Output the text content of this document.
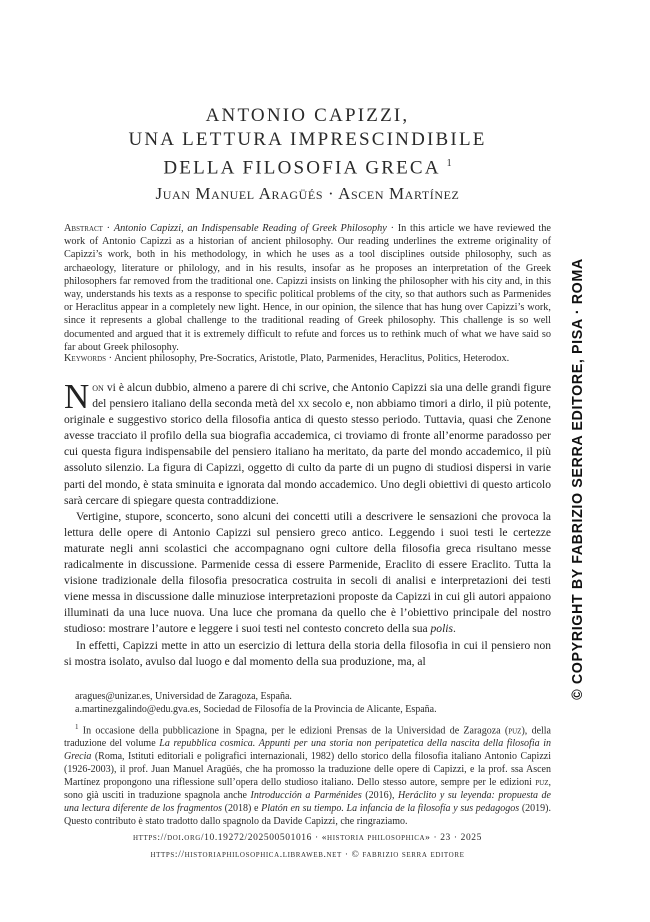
ANTONIO CAPIZZI,
UNA LETTURA IMPRESCINDIBILE
DELLA FILOSOFIA GRECA $^1$
Juan Manuel Aragüés · Ascen Martínez
Abstract · Antonio Capizzi, an Indispensable Reading of Greek Philosophy · In this article we have reviewed the work of Antonio Capizzi as a historian of ancient philosophy. Our reading underlines the extreme originality of Capizzi’s work, both in his methodology, in which he uses as a tool disciplines outside philosophy, such as archaeology, literature or philology, and in his results, insofar as he proposes an interpretation of the Greek philosophers far removed from the traditional one. Capizzi insists on linking the philosopher with his city and, in this way, understands his texts as a response to specific political problems of the city, so that authors such as Parmenides or Heraclitus appear in a completely new light. Hence, in our opinion, the silence that has hung over Capizzi’s work, since it represents a global challenge to the traditional reading of Greek philosophy. This challenge is so well documented and argued that it is extremely difficult to refute and forces us to rethink much of what we have said so far about Greek philosophy.
Keywords · Ancient philosophy, Pre-Socratics, Aristotle, Plato, Parmenides, Heraclitus, Politics, Heterodox.

Non vi è alcun dubbio, almeno a parere di chi scrive, che Antonio Capizzi sia una delle grandi figure del pensiero italiano della seconda metà del xx secolo e, non abbiamo timori a dirlo, il più potente, originale e suggestivo storico della filosofia antica di questo stesso periodo. Tuttavia, quasi che Zenone avesse tracciato il profilo della sua biografia accademica, ci troviamo di fronte all’enorme paradosso per cui questa figura indispensabile del pensiero italiano ha meritato, da parte del mondo accademico, il più assoluto silenzio. La figura di Capizzi, oggetto di culto da parte di un pugno di studiosi dispersi in varie parti del mondo, è stata sminuita e ignorata dal mondo accademico. Uno degli obiettivi di questo articolo sarà cercare di spiegare questa contraddizione.

Vertigine, stupore, sconcerto, sono alcuni dei concetti utili a descrivere le sensazioni che provoca la lettura delle opere di Antonio Capizzi sul pensiero greco antico. Leggendo i suoi testi le certezze maturate negli anni scolastici che accompagnano ogni cultore della filosofia greca risultano messe radicalmente in discussione. Parmenide cessa di essere Parmenide, Eraclito di essere Eraclito. Tutta la visione tradizionale della filosofia presocratica costruita in secoli di analisi e interpretazioni dei testi viene messa in discussione dalle minuziose interpretazioni proposte da Capizzi in cui gli autori appaiono illuminati da una luce nuova. Una luce che promana da quello che è l’obiettivo principale del nostro studioso: mostrare l’autore e leggere i suoi testi nel contesto concreto della sua polis.

In effetti, Capizzi mette in atto un esercizio di lettura della storia della filosofia in cui il pensiero non si mostra isolato, avulso dal luogo e dal momento della sua produzione, ma, al

aragues@unizar.es, Universidad de Zaragoza, España.

a.martinezgalindo@edu.gva.es, Sociedad de Filosofía de la Provincia de Alicante, España.

$^1$ In occasione della pubblicazione in Spagna, per le edizioni Prensas de la Universidad de Zaragoza (puz), della traduzione del volume La repubblica cosmica. Appunti per una storia non peripatetica della nascita della filosofia in Grecia (Roma, Istituti editoriali e poligrafici internazionali, 1982) dello storico della filosofia italiano Antonio Capizzi (1926-2003), il prof. Juan Manuel Aragüés, che ha promosso la traduzione delle opere di Capizzi, e la prof. ssa Ascen Martínez propongono una riflessione sull’opera dello studioso italiano. Dello stesso autore, sempre per le edizioni puz, sono già usciti in traduzione spagnola anche Introducción a Parménides (2016), Heráclito y su leyenda: propuesta de una lectura diferente de los fragmentos (2018) e Platón en su tiempo. La infancia de la filosofía y sus pedagogos (2019). Questo contributo è stato tradotto dallo spagnolo da Davide Capizzi, che ringraziamo.

https://doi.org/10.19272/202500501016 · «historia philosophica» · 23 · 2025
https://historiaphilosophica.libraweb.net · © fabrizio serra editore
© COPYRIGHT BY FABRIZIO SERRA EDITORE, PISA · ROMA
